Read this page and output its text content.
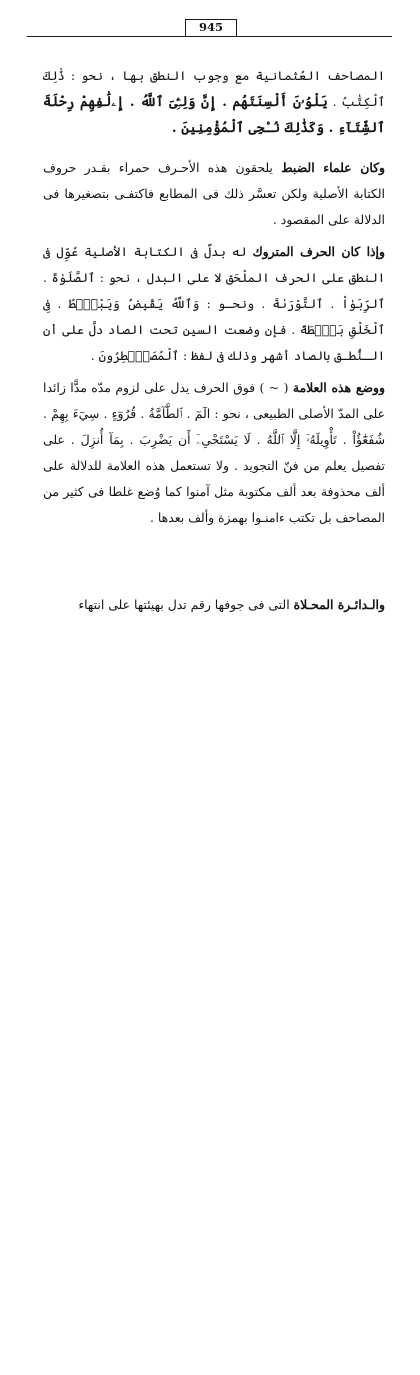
945

المصاحف العُثمانية مع وجوب النطق بها ، نحو : ذَٰلِكَ ٱلْكِتَٰبُ . يَلْوُۥنَ أَلْسِنَتَهُم . إِنَّ وَلِـِّۧىَ ٱللَّهُ . إِۦلَٰفِهِمْ رِحْلَةَ ٱلشِّتَآءِ . وَكَذَٰلِكَ نُـۨجِى ٱلْمُؤْمِنِينَ .

وكان علماء الضبط يلحقون هذه الأحـرف حمراء بقـدر حروف الكتابة الأصلية ولكن تعسَّر ذلك فى المطابع فاكتفـى بتصغيرها فى الدلالة على المقصود .

وإذا كان الحرف المتروك له بدلٌ فى الكتابة الأصلية عُوِّل فى النطق على الحرف الملْحَق لا على البدل ، نحو : ٱلصَّلَوٰةَ . ٱلرِّبَوٰاْ . ٱلتَّوْرَىٰةَ . ونحـو : وَٱللَّهُ يَقْبِضُ وَيَبْصُۜطُ . فِى ٱلْخَلْقِ بَصْۜطَةً . فإن وضعت السين تحت الصاد دلَّ على أن الـنُّطـق بالصاد أشهر وذلك فى لفظ : ٱلْمُصَيْۜطِرُونَ .

ووضع هذه العلامة ( ~ ) فوق الحرف يدل على لزوم مدّه مدًّا زائدا على المدّ الأصلى الطبيعى ، نحو : الٓمٓ . ٱلطَّآمَّةُ . قُرُوٓءٍ . سِيٓءَ بِهِمْ . شُفَعَٰٓؤُاْ . تَأْوِيلَهُۥٓ إِلَّا ٱللَّهُ . لَا يَسْتَحْىِۦٓ أَن يَضْرِبَ . بِمَآ أُنزِلَ . على تفصيل يعلم من فنّ التجويد . ولا تستعمل هذه العلامة للدلالة على ألف محذوفة بعد ألف مكتوبة مثل آمنوا كما وُضع غلطا فى كثير من المصاحف بل تكتب ءامنـوا بهمزة وألف بعدها .

والـدائـرة المحـلاة التى فى جوفها رقم تدل بهيئتها على انتهاء
